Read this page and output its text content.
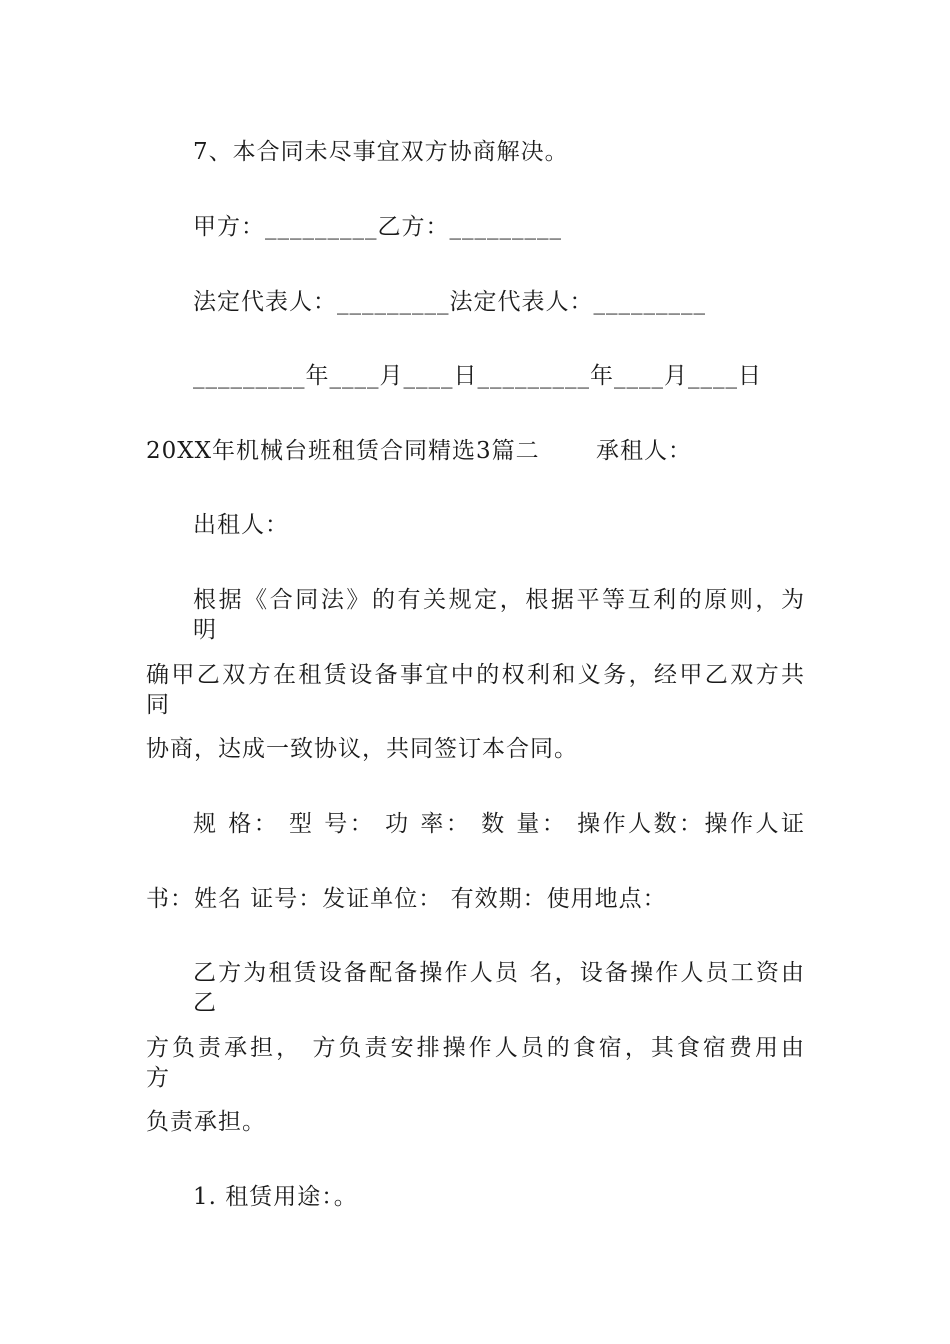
7、本合同未尽事宜双方协商解决。
甲方：_________乙方：_________
法定代表人：_________法定代表人：_________
_________年____月____日_________年____月____日
20XX年机械台班租赁合同精选3篇二　　 承租人：
出租人：
根据《合同法》的有关规定，根据平等互利的原则，为明
确甲乙双方在租赁设备事宜中的权利和义务，经甲乙双方共同
协商，达成一致协议，共同签订本合同。
规 格： 型 号： 功 率： 数 量： 操作人数：操作人证
书：姓名 证号：发证单位： 有效期：使用地点：
乙方为租赁设备配备操作人员 名，设备操作人员工资由乙
方负责承担， 方负责安排操作人员的食宿，其食宿费用由 方
负责承担。
1. 租赁用途：。
